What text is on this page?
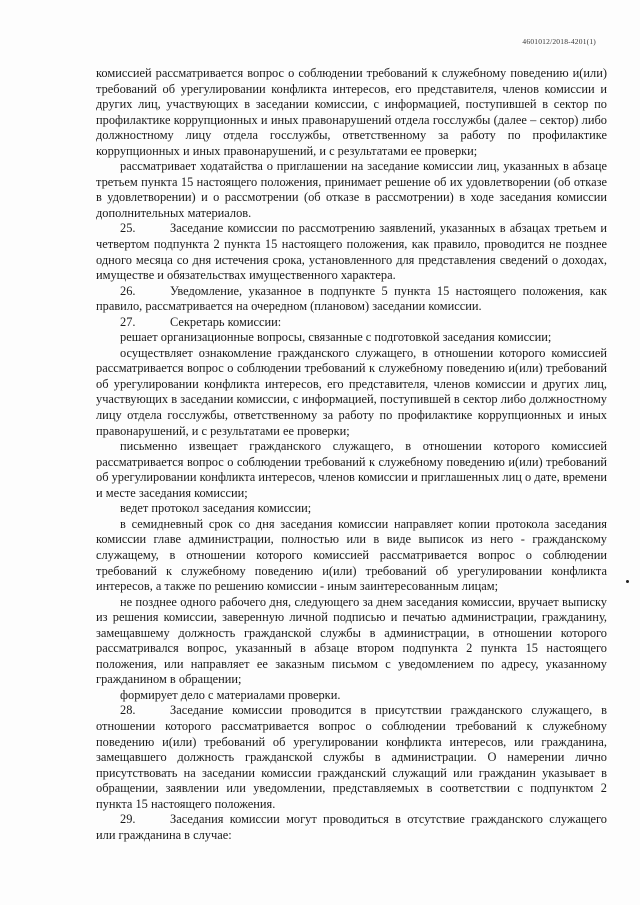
4601012/2018-4201(1)

комиссией рассматривается вопрос о соблюдении требований к служебному поведению и(или) требований об урегулировании конфликта интересов, его представителя, членов комиссии и других лиц, участвующих в заседании комиссии, с информацией, поступившей в сектор по профилактике коррупционных и иных правонарушений отдела госслужбы (далее – сектор) либо должностному лицу отдела госслужбы, ответственному за работу по профилактике коррупционных и иных правонарушений, и с результатами ее проверки;

рассматривает ходатайства о приглашении на заседание комиссии лиц, указанных в абзаце третьем пункта 15 настоящего положения, принимает решение об их удовлетворении (об отказе в удовлетворении) и о рассмотрении (об отказе в рассмотрении) в ходе заседания комиссии дополнительных материалов.

25.	Заседание комиссии по рассмотрению заявлений, указанных в абзацах третьем и четвертом подпункта 2 пункта 15 настоящего положения, как правило, проводится не позднее одного месяца со дня истечения срока, установленного для представления сведений о доходах, имуществе и обязательствах имущественного характера.

26.	Уведомление, указанное в подпункте 5 пункта 15 настоящего положения, как правило, рассматривается на очередном (плановом) заседании комиссии.

27.	Секретарь комиссии:

решает организационные вопросы, связанные с подготовкой заседания комиссии;

осуществляет ознакомление гражданского служащего, в отношении которого комиссией рассматривается вопрос о соблюдении требований к служебному поведению и(или) требований об урегулировании конфликта интересов, его представителя, членов комиссии и других лиц, участвующих в заседании комиссии, с информацией, поступившей в сектор либо должностному лицу отдела госслужбы, ответственному за работу по профилактике коррупционных и иных правонарушений, и с результатами ее проверки;

письменно извещает гражданского служащего, в отношении которого комиссией рассматривается вопрос о соблюдении требований к служебному поведению и(или) требований об урегулировании конфликта интересов, членов комиссии и приглашенных лиц о дате, времени и месте заседания комиссии;

ведет протокол заседания комиссии;

в семидневный срок со дня заседания комиссии направляет копии протокола заседания комиссии главе администрации, полностью или в виде выписок из него - гражданскому служащему, в отношении которого комиссией рассматривается вопрос о соблюдении требований к служебному поведению и(или) требований об урегулировании конфликта интересов, а также по решению комиссии - иным заинтересованным лицам;

не позднее одного рабочего дня, следующего за днем заседания комиссии, вручает выписку из решения комиссии, заверенную личной подписью и печатью администрации, гражданину, замещавшему должность гражданской службы в администрации, в отношении которого рассматривался вопрос, указанный в абзаце втором подпункта 2 пункта 15 настоящего положения, или направляет ее заказным письмом с уведомлением по адресу, указанному гражданином в обращении;

формирует дело с материалами проверки.

28.	Заседание комиссии проводится в присутствии гражданского служащего, в отношении которого рассматривается вопрос о соблюдении требований к служебному поведению и(или) требований об урегулировании конфликта интересов, или гражданина, замещавшего должность гражданской службы в администрации. О намерении лично присутствовать на заседании комиссии гражданский служащий или гражданин указывает в обращении, заявлении или уведомлении, представляемых в соответствии с подпунктом 2 пункта 15 настоящего положения.

29.	Заседания комиссии могут проводиться в отсутствие гражданского служащего или гражданина в случае:
